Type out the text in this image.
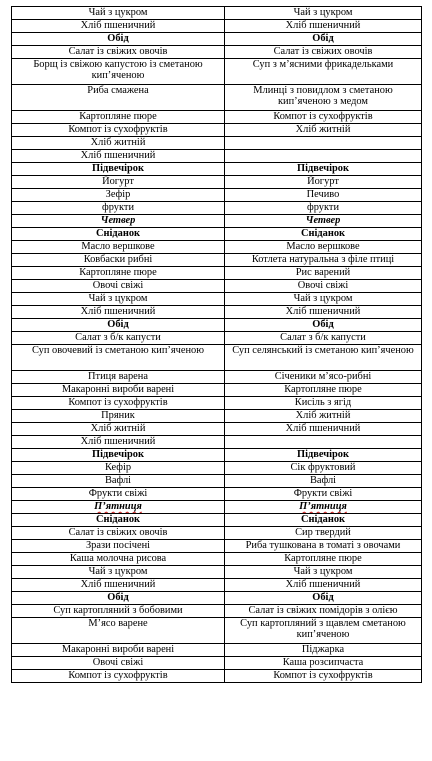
Чай з цукром	Чай з цукром
Хліб пшеничний	Хліб пшеничний
Обід	Обід
Салат із свіжих овочів	Салат із свіжих овочів
Борщ із свіжою капустою із сметаною кип’яченою	Суп з м’ясними фрикадельками
Риба смажена	Млинці з повидлом з сметаною кип’яченою з медом
Картопляне пюре	Компот із сухофруктів
Компот із сухофруктів	Хліб житній
Хліб житній	
Хліб пшеничний	
Підвечірок	Підвечірок
Йогурт	Йогурт
Зефір	Печиво
фрукти	фрукти
Четвер	Четвер
Сніданок	Сніданок
Масло вершкове	Масло вершкове
Ковбаски рибні	Котлета натуральна з філе птиці
Картопляне пюре	Рис варений
Овочі свіжі	Овочі свіжі
Чай з цукром	Чай з цукром
Хліб пшеничний	Хліб пшеничний
Обід	Обід
Салат з б/к капусти	Салат з б/к капусти
Суп овочевий із сметаною кип’яченою	Суп селянський із сметаною кип’яченою
Птиця варена	Січеники м’ясо-рибні
Макаронні вироби варені	Картопляне пюре
Компот із сухофруктів	Кисіль з ягід
Пряник	Хліб житній
Хліб житній	Хліб пшеничний
Хліб пшеничний	
Підвечірок	Підвечірок
Кефір	Сік фруктовий
Вафлі	Вафлі
Фрукти свіжі	Фрукти свіжі
П’ятниця	П’ятниця
Сніданок	Сніданок
Салат із свіжих овочів	Сир твердий
Зрази посічені	Риба тушкована в томаті з овочами
Каша молочна рисова	Картопляне пюре
Чай з цукром	Чай з цукром
Хліб пшеничний	Хліб пшеничний
Обід	Обід
Суп картопляний з бобовими	Салат із свіжих помідорів з олією
М’ясо варене	Суп картопляний з щавлем сметаною кип’яченою
Макаронні вироби варені	Піджарка
Овочі свіжі	Каша розсипчаста
Компот із сухофруктів	Компот із сухофруктів
